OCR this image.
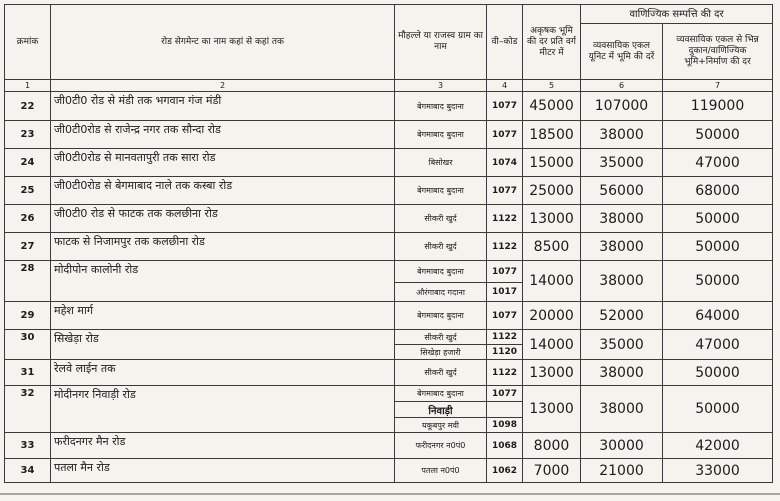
क्रमांक	रोड सेगमेन्ट का नाम कहां से कहां तक	मौहल्ले या राजस्व ग्राम का नाम	वी–कोड	अकृषक भूमि की दर प्रति वर्ग मीटर में	वाणिज्यिक सम्पत्ति की दर	
					व्यवसायिक एकल यूनिट में भूमि की दरें	व्यवसायिक एकल से भिन्न दुकान/वाणिज्यिक भूमि+निर्माण की दर
1	2	3	4	5	6	7
22	जी0टी0 रोड से मंडी तक भगवान गंज मंडी	बेगमाबाद बुदाना	1077	45000	107000	119000
23	जी0टी0रोड से राजेन्द्र नगर तक सौन्दा रोड	बेगमाबाद बुदाना	1077	18500	38000	50000
24	जी0टी0रोड से मानवतापुरी तक सारा रोड	बिसोखर	1074	15000	35000	47000
25	जी0टी0रोड से बेगमाबाद नाले तक कस्बा रोड	बेगमाबाद बुदाना	1077	25000	56000	68000
26	जी0टी0 रोड से फाटक तक कलछीना रोड	सीकरी खुर्द	1122	13000	38000	50000
27	फाटक से निजामपुर तक कलछीना रोड	सीकरी खुर्द	1122	8500	38000	50000
28	मोदीपोन कालोनी रोड	बेगमाबाद बुदाना	1077	14000	38000	50000
		औरंगाबाद गदाना	1017			
29	महेश मार्ग	बेगमाबाद बुदाना	1077	20000	52000	64000
30	सिखेड़ा रोड	सीकरी खुर्द	1122	14000	35000	47000
		सिखेड़ा हजारी	1120			
31	रेलवे लाईन तक	सीकरी खुर्द	1122	13000	38000	50000
32	मोदीनगर निवाड़ी रोड	बेगमाबाद बुदाना	1077	13000	38000	50000
		निवाड़ी				
		यकूबपुर मवी	1098			
33	फरीदनगर मैन रोड	फरीदनगर न0पं0	1068	8000	30000	42000
34	पतला मैन रोड	पतला न0पं0	1062	7000	21000	33000
